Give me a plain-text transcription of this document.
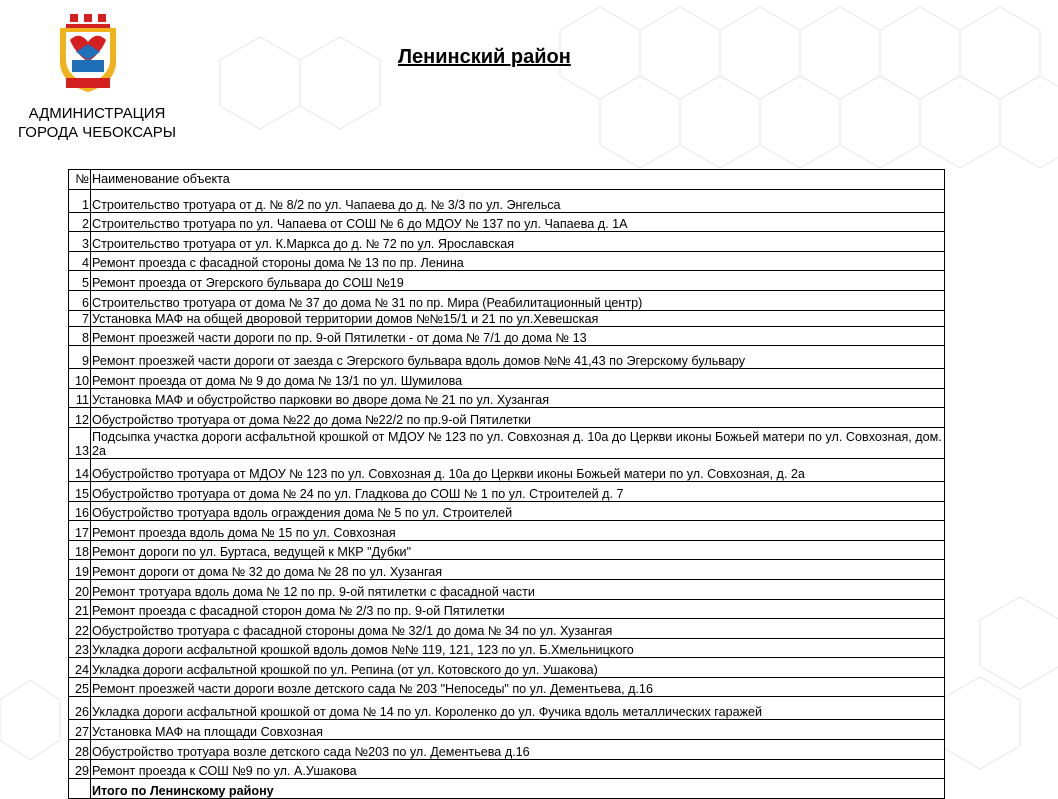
АДМИНИСТРАЦИЯ
ГОРОДА ЧЕБОКСАРЫ
Ленинский район
№	Наименование объекта
1	Строительство тротуара от д. № 8/2 по ул. Чапаева до д. № 3/3 по ул. Энгельса
2	Строительство тротуара по ул. Чапаева от СОШ № 6 до МДОУ № 137 по ул. Чапаева д. 1А
3	Строительство тротуара от ул. К.Маркса до д. № 72 по ул. Ярославская
4	Ремонт проезда с фасадной стороны дома № 13 по пр. Ленина
5	Ремонт проезда от Эгерского бульвара до СОШ №19
6	Строительство тротуара от дома № 37 до дома № 31 по пр. Мира (Реабилитационный центр)
7	Установка МАФ на общей дворовой территории домов №№15/1 и 21 по ул.Хевешская
8	Ремонт проезжей части дороги по пр. 9-ой Пятилетки - от дома № 7/1 до дома № 13
9	Ремонт проезжей части дороги от заезда с Эгерского бульвара вдоль домов №№ 41,43 по Эгерскому бульвару
10	Ремонт проезда от дома № 9 до дома № 13/1 по ул. Шумилова
11	Установка МАФ и обустройство парковки во дворе дома № 21 по ул. Хузангая
12	Обустройство тротуара от дома №22 до дома №22/2 по пр.9-ой Пятилетки
13	Подсыпка участка дороги асфальтной крошкой от МДОУ № 123 по ул. Совхозная д. 10а до Церкви иконы Божьей матери по ул. Совхозная, дом. 2а
14	Обустройство тротуара от МДОУ № 123 по ул. Совхозная д. 10а до Церкви иконы Божьей матери по ул. Совхозная, д. 2а
15	Обустройство тротуара от дома № 24 по ул. Гладкова до СОШ № 1 по ул. Строителей д. 7
16	Обустройство тротуара вдоль ограждения дома № 5 по ул. Строителей
17	Ремонт проезда вдоль дома № 15 по ул. Совхозная
18	Ремонт дороги по ул. Буртаса, ведущей к МКР "Дубки"
19	Ремонт дороги от дома № 32 до дома № 28 по ул. Хузангая
20	Ремонт тротуара вдоль дома № 12 по пр. 9-ой пятилетки с фасадной части
21	Ремонт проезда с фасадной сторон дома № 2/3 по пр. 9-ой Пятилетки
22	Обустройство тротуара с фасадной стороны дома № 32/1 до дома № 34 по ул. Хузангая
23	Укладка дороги асфальтной крошкой вдоль домов №№ 119, 121, 123 по ул. Б.Хмельницкого
24	Укладка дороги асфальтной крошкой по ул. Репина (от ул. Котовского до ул. Ушакова)
25	Ремонт проезжей части дороги возле детского сада № 203 "Непоседы" по ул. Дементьева, д.16
26	Укладка дороги асфальтной крошкой от дома № 14 по ул. Короленко до ул. Фучика вдоль металлических гаражей
27	Установка МАФ на площади Совхозная
28	Обустройство тротуара возле детского сада №203 по ул. Дементьева д.16
29	Ремонт проезда к СОШ №9 по ул. А.Ушакова
	Итого по Ленинскому району
